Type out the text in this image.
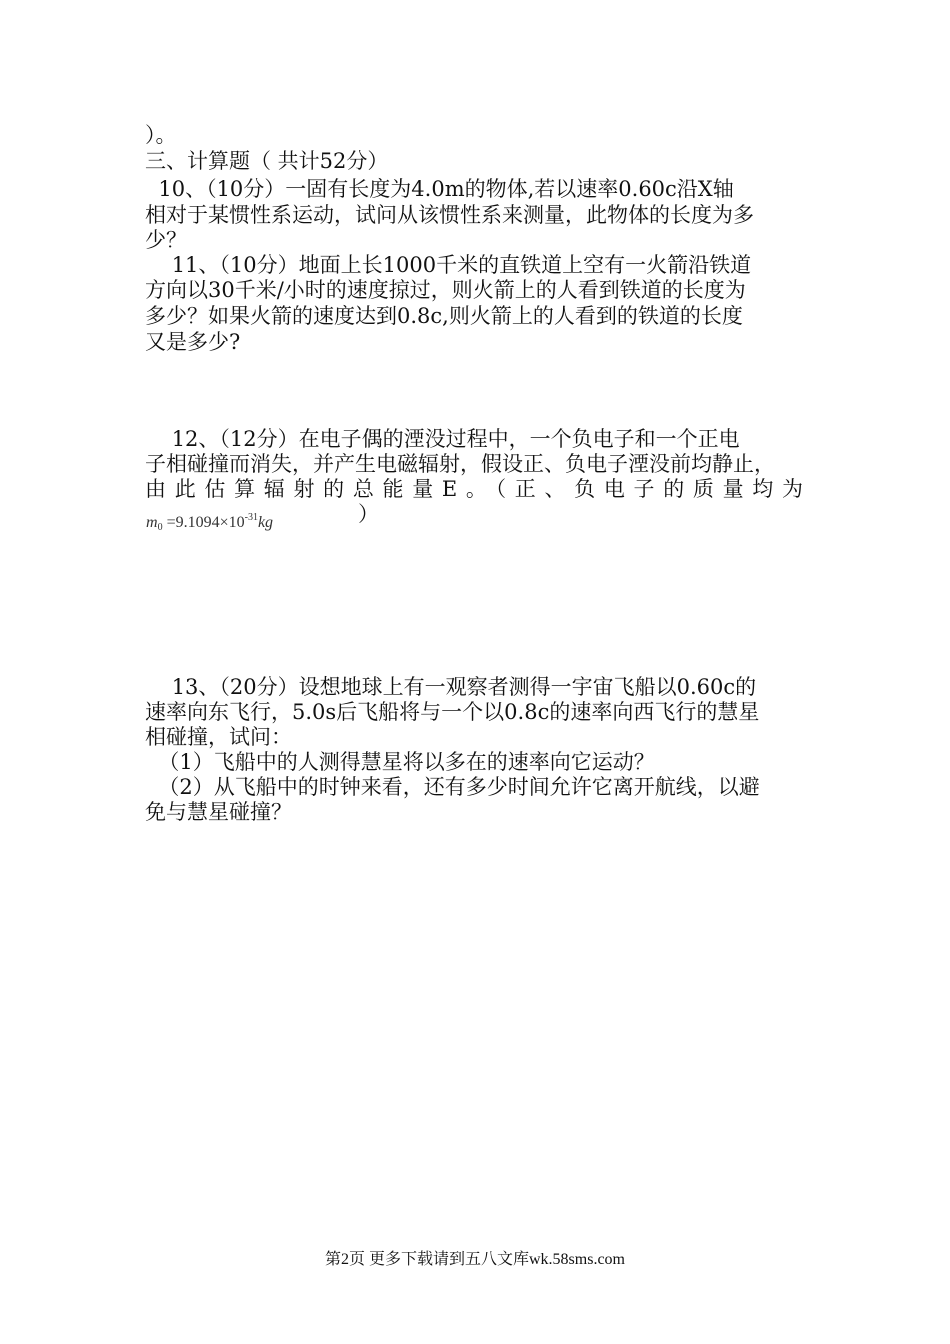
）。
三、计算题（ 共计52分）
10、（10分）一固有长度为4.0m的物体,若以速率0.60c沿X轴
相对于某惯性系运动，试问从该惯性系来测量，此物体的长度为多
少？
11、（10分）地面上长1000千米的直铁道上空有一火箭沿铁道
方向以30千米/小时的速度掠过，则火箭上的人看到铁道的长度为
多少？如果火箭的速度达到0.8c,则火箭上的人看到的铁道的长度
又是多少?
12、（12分）在电子偶的湮没过程中，一个负电子和一个正电
子相碰撞而消失，并产生电磁辐射，假设正、负电子湮没前均静止，
由此估算辐射的总能量E。（正、负电子的质量均为
$m_0 =9.1094\times 10^{-31}kg$	）
13、（20分）设想地球上有一观察者测得一宇宙飞船以0.60c的
速率向东飞行，5.0s后飞船将与一个以0.8c的速率向西飞行的慧星
相碰撞，试问：
（1）飞船中的人测得慧星将以多在的速率向它运动？
（2）从飞船中的时钟来看，还有多少时间允许它离开航线，以避
免与慧星碰撞？
第2页 更多下载请到五八文库wk.58sms.com
